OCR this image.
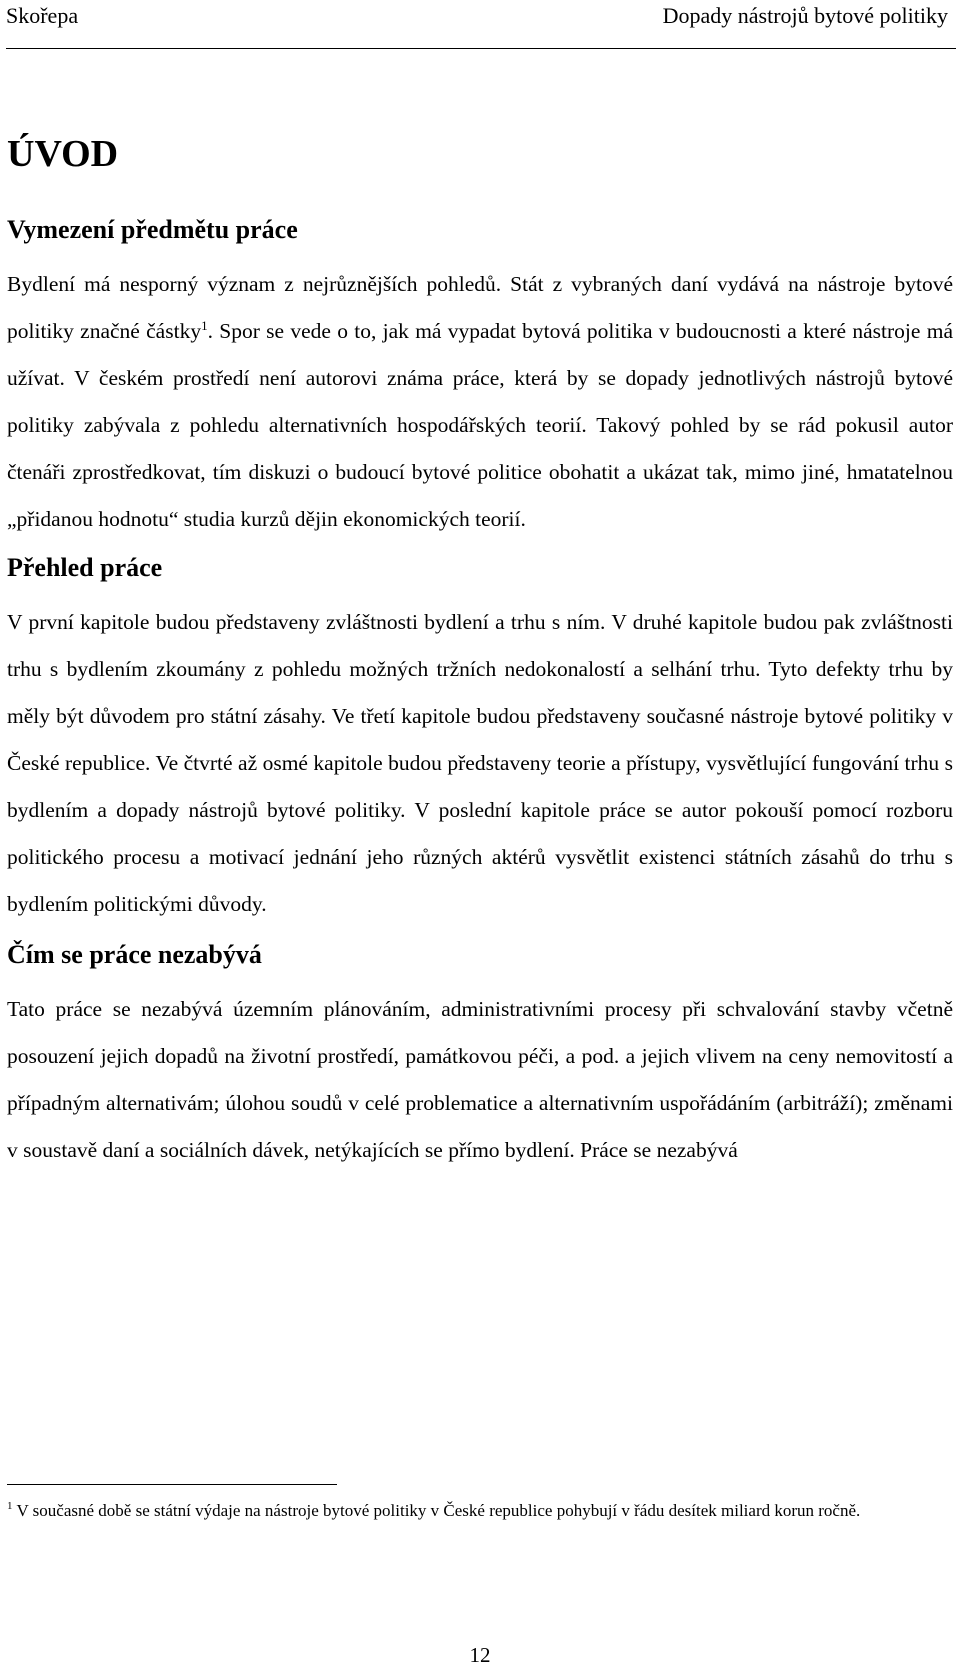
Skořepa	Dopady nástrojů bytové politiky
ÚVOD
Vymezení předmětu práce

Bydlení má nesporný význam z nejrůznějších pohledů. Stát z vybraných daní vydává na nástroje bytové politiky značné částky$^1$. Spor se vede o to, jak má vypadat bytová politika v budoucnosti a které nástroje má užívat. V českém prostředí není autorovi známa práce, která by se dopady jednotlivých nástrojů bytové politiky zabývala z pohledu alternativních hospodářských teorií. Takový pohled by se rád pokusil autor čtenáři zprostředkovat, tím diskuzi o budoucí bytové politice obohatit a ukázat tak, mimo jiné, hmatatelnou „přidanou hodnotu“ studia kurzů dějin ekonomických teorií.

Přehled práce

V první kapitole budou představeny zvláštnosti bydlení a trhu s ním. V druhé kapitole budou pak zvláštnosti trhu s bydlením zkoumány z pohledu možných tržních nedokonalostí a selhání trhu. Tyto defekty trhu by měly být důvodem pro státní zásahy. Ve třetí kapitole budou představeny současné nástroje bytové politiky v České republice. Ve čtvrté až osmé kapitole budou představeny teorie a přístupy, vysvětlující fungování trhu s bydlením a dopady nástrojů bytové politiky. V poslední kapitole práce se autor pokouší pomocí rozboru politického procesu a motivací jednání jeho různých aktérů vysvětlit existenci státních zásahů do trhu s bydlením politickými důvody.

Čím se práce nezabývá

Tato práce se nezabývá územním plánováním, administrativními procesy při schvalování stavby včetně posouzení jejich dopadů na životní prostředí, památkovou péči, a pod. a jejich vlivem na ceny nemovitostí a případným alternativám; úlohou soudů v celé problematice a alternativním uspořádáním (arbitráží); změnami v soustavě daní a sociálních dávek, netýkajících se přímo bydlení. Práce se nezabývá

$^1$ V současné době se státní výdaje na nástroje bytové politiky v České republice pohybují v řádu desítek miliard korun ročně.
12
